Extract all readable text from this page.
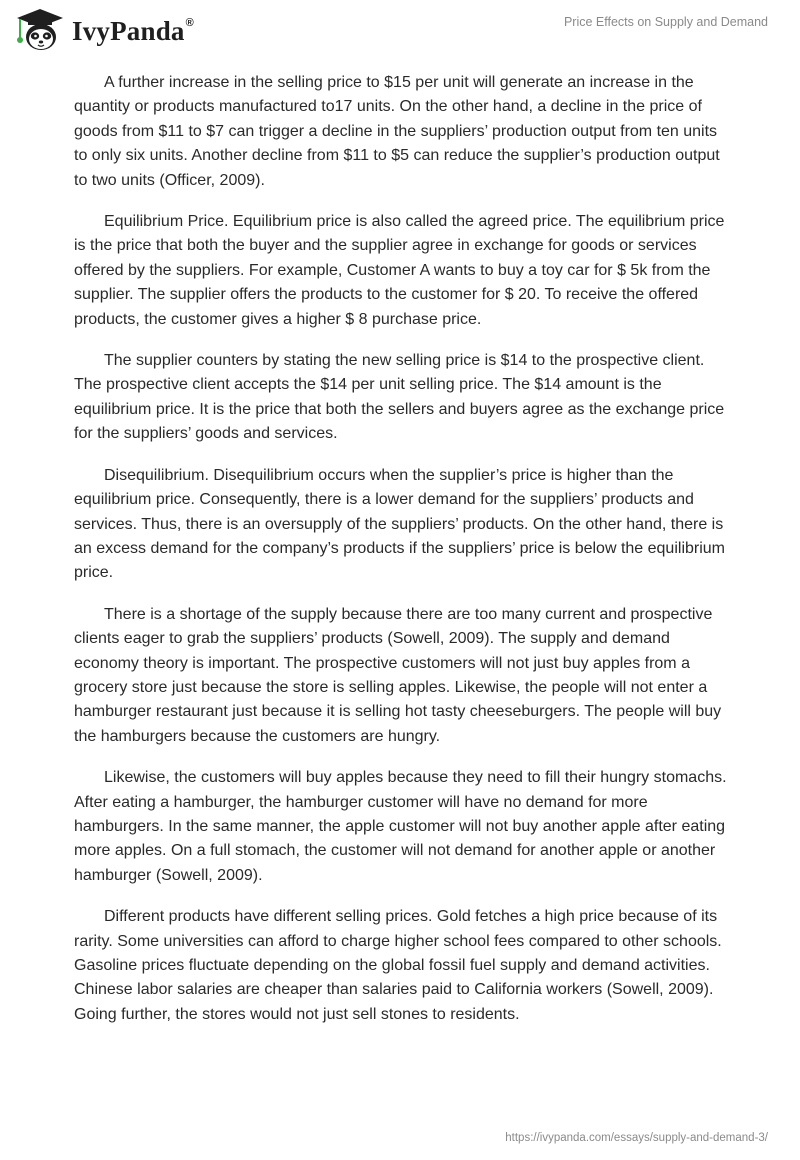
IvyPanda®	Price Effects on Supply and Demand

A further increase in the selling price to $15 per unit will generate an increase in the quantity or products manufactured to17 units. On the other hand, a decline in the price of goods from $11 to $7 can trigger a decline in the suppliers’ production output from ten units to only six units. Another decline from $11 to $5 can reduce the supplier’s production output to two units (Officer, 2009).

Equilibrium Price. Equilibrium price is also called the agreed price. The equilibrium price is the price that both the buyer and the supplier agree in exchange for goods or services offered by the suppliers. For example, Customer A wants to buy a toy car for $ 5k from the supplier. The supplier offers the products to the customer for $ 20. To receive the offered products, the customer gives a higher $ 8 purchase price.

The supplier counters by stating the new selling price is $14 to the prospective client. The prospective client accepts the $14 per unit selling price. The $14 amount is the equilibrium price. It is the price that both the sellers and buyers agree as the exchange price for the suppliers’ goods and services.

Disequilibrium. Disequilibrium occurs when the supplier’s price is higher than the equilibrium price. Consequently, there is a lower demand for the suppliers’ products and services. Thus, there is an oversupply of the suppliers’ products. On the other hand, there is an excess demand for the company’s products if the suppliers’ price is below the equilibrium price.

There is a shortage of the supply because there are too many current and prospective clients eager to grab the suppliers’ products (Sowell, 2009). The supply and demand economy theory is important. The prospective customers will not just buy apples from a grocery store just because the store is selling apples. Likewise, the people will not enter a hamburger restaurant just because it is selling hot tasty cheeseburgers. The people will buy the hamburgers because the customers are hungry.

Likewise, the customers will buy apples because they need to fill their hungry stomachs. After eating a hamburger, the hamburger customer will have no demand for more hamburgers. In the same manner, the apple customer will not buy another apple after eating more apples. On a full stomach, the customer will not demand for another apple or another hamburger (Sowell, 2009).

Different products have different selling prices. Gold fetches a high price because of its rarity. Some universities can afford to charge higher school fees compared to other schools. Gasoline prices fluctuate depending on the global fossil fuel supply and demand activities. Chinese labor salaries are cheaper than salaries paid to California workers (Sowell, 2009). Going further, the stores would not just sell stones to residents.

https://ivypanda.com/essays/supply-and-demand-3/
